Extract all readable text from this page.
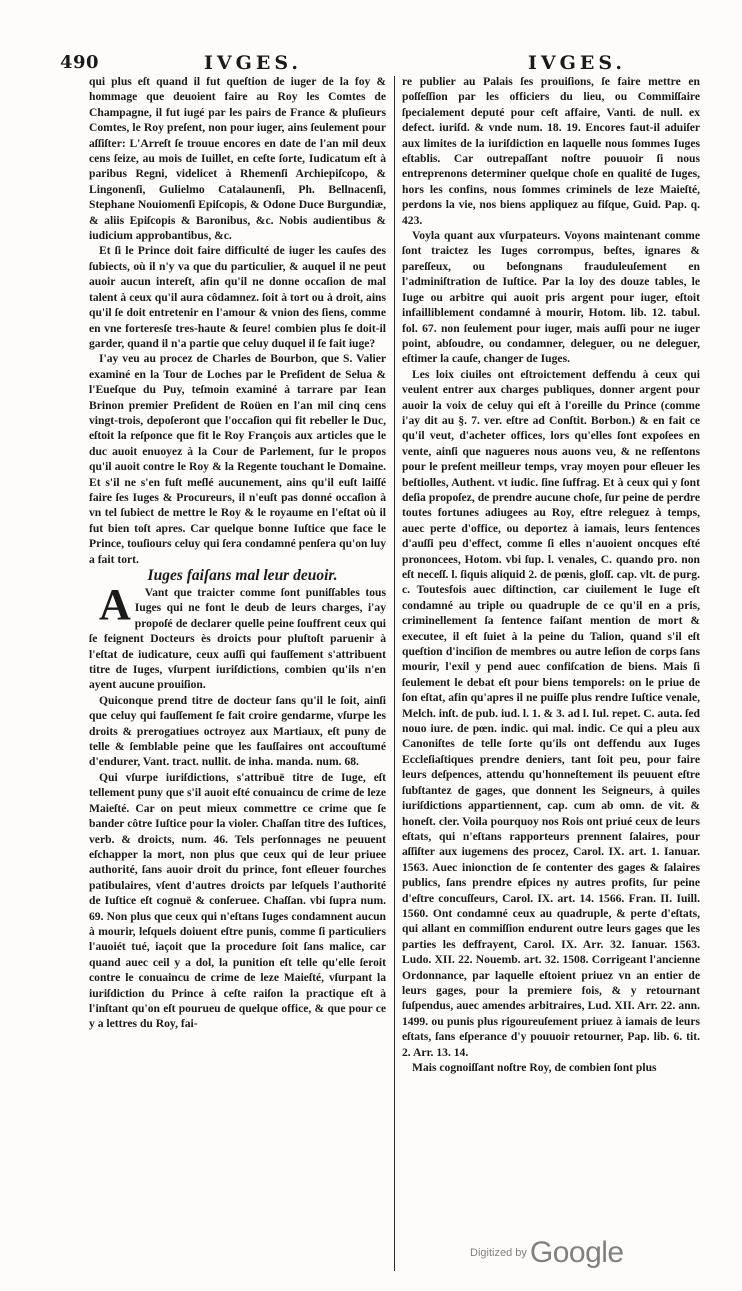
490	IVGES.	IVGES.

qui plus eſt quand il fut queſtion de iuger de la foy & hommage que deuoient faire au Roy les Comtes de Champagne, il fut iugé par les pairs de France & pluſieurs Comtes, le Roy preſent, non pour iuger, ains ſeulement pour aſſiſter: L'Arreſt ſe trouue encores en date de l'an mil deux cens ſeize, au mois de Iuillet, en ceſte ſorte, Iudicatum eſt à paribus Regni, videlicet à Rhemenſi Archiepiſcopo, & Lingonenſi, Gulielmo Catalaunenſi, Ph. Bellnacenſi, Stephane Nouiomenſi Epiſcopis, & Odone Duce Burgundiæ, & aliis Epiſcopis & Baronibus, &c. Nobis audientibus & iudicium approbantibus, &c.

Et ſi le Prince doit faire difficulté de iuger les cauſes des ſubiects, où il n'y va que du particulier, & auquel il ne peut auoir aucun intereſt, afin qu'il ne donne occaſion de mal talent à ceux qu'il aura côdamnez. ſoit à tort ou à droit, ains qu'il ſe doit entretenir en l'amour & vnion des ſiens, comme en vne forteresſe tres-haute & ſeure! combien plus ſe doit-il garder, quand il n'a partie que celuy duquel il ſe fait iuge?

I'ay veu au procez de Charles de Bourbon, que S. Valier examiné en la Tour de Loches par le Preſident de Selua & l'Eueſque du Puy, teſmoin examiné à tarrare par Iean Brinon premier Preſident de Roüen en l'an mil cinq cens vingt-trois, depoſeront que l'occaſion qui fit rebeller le Duc, eſtoit la reſponce que fit le Roy François aux articles que le duc auoit enuoyez à la Cour de Parlement, ſur le propos qu'il auoit contre le Roy & la Regente touchant le Domaine. Et s'il ne s'en fuſt meſlé aucunement, ains qu'il euſt laiſſé faire ſes Iuges & Procureurs, il n'euſt pas donné occaſion à vn tel ſubiect de mettre le Roy & le royaume en l'eſtat où il fut bien toſt apres. Car quelque bonne Iuſtice que face le Prince, touſiours celuy qui ſera condamné penſera qu'on luy a fait tort.

Iuges faiſans mal leur deuoir.

A Vant que traicter comme ſont puniſſables tous Iuges qui ne font le deub de leurs charges, i'ay propoſé de declarer quelle peine ſouffrent ceux qui ſe feignent Docteurs ès droicts pour pluſtoſt paruenir à l'eſtat de iudicature, ceux auſſi qui fauſſement s'attribuent titre de Iuges, vſurpent iuriſdictions, combien qu'ils n'en ayent aucune prouiſion.

Quiconque prend titre de docteur ſans qu'il le ſoit, ainſi que celuy qui fauſſement ſe fait croire gendarme, vſurpe les droits & prerogatiues octroyez aux Martiaux, eſt puny de telle & ſemblable peine que les fauſſaires ont accouſtumé d'endurer, Vant. tract. nullit. de inha. manda. num. 68.

Qui vſurpe iuriſdictions, s'attribuë titre de Iuge, eſt tellement puny que s'il auoit eſté conuaincu de crime de leze Maieſté. Car on peut mieux commettre ce crime que ſe bander côtre Iuſtice pour la violer. Chaſſan titre des Iuſtices, verb. & droicts, num. 46. Tels perſonnages ne peuuent eſchapper la mort, non plus que ceux qui de leur priuee authorité, ſans auoir droit du prince, font eſleuer fourches patibulaires, vſent d'autres droicts par leſquels l'authorité de Iuſtice eſt cognuë & conſeruee. Chaſſan. vbi ſupra num. 69. Non plus que ceux qui n'eſtans Iuges condamnent aucun à mourir, leſquels doiuent eſtre punis, comme ſi particuliers l'auoiét tué, iaçoit que la procedure ſoit ſans malice, car quand auec ceil y a dol, la punition eſt telle qu'elle ſeroit contre le conuaincu de crime de leze Maieſté, vſurpant la iuriſdiction du Prince à ceſte raiſon la practique eſt à l'inſtant qu'on eſt pourueu de quelque office, & que pour ce y a lettres du Roy, fai-

re publier au Palais ſes prouiſions, ſe faire mettre en poſſeſſion par les officiers du lieu, ou Commiſſaire ſpecialement deputé pour ceſt affaire, Vanti. de null. ex defect. iuriſd. & vnde num. 18. 19. Encores faut-il aduiſer aux limites de la iuriſdiction en laquelle nous ſommes Iuges eſtablis. Car outrepaſſant noſtre pouuoir ſi nous entreprenons determiner quelque choſe en qualité de Iuges, hors les confins, nous ſommes criminels de leze Maieſté, perdons la vie, nos biens appliquez au fiſque, Guid. Pap. q. 423.

Voyla quant aux vſurpateurs. Voyons maintenant comme ſont traictez les Iuges corrompus, beſtes, ignares & pareſſeux, ou beſongnans frauduleuſement en l'adminiſtration de Iuſtice. Par la loy des douze tables, le Iuge ou arbitre qui auoit pris argent pour iuger, eſtoit infailliblement condamné à mourir, Hotom. lib. 12. tabul. fol. 67. non ſeulement pour iuger, mais auſſi pour ne iuger point, abſoudre, ou condamner, deleguer, ou ne deleguer, eſtimer la cauſe, changer de Iuges.

Les loix ciuiles ont eſtroictement deffendu à ceux qui veulent entrer aux charges publiques, donner argent pour auoir la voix de celuy qui eſt à l'oreille du Prince (comme i'ay dit au §. 7. ver. eſtre ad Conſtit. Borbon.) & en fait ce qu'il veut, d'acheter offices, lors qu'elles ſont expoſees en vente, ainſi que nagueres nous auons veu, & ne reſſentons pour le preſent meilleur temps, vray moyen pour eſleuer les beſtiolles, Authent. vt iudic. ſine ſuffrag. Et à ceux qui y ſont deſia propoſez, de prendre aucune choſe, ſur peine de perdre toutes fortunes adiugees au Roy, eſtre releguez à temps, auec perte d'office, ou deportez à iamais, leurs ſentences d'auſſi peu d'effect, comme ſi elles n'auoient oncques eſté prononcees, Hotom. vbi ſup. l. venales, C. quando pro. non eſt neceſſ. l. ſiquis aliquid 2. de pœnis, gloſſ. cap. vlt. de purg. c. Toutesfois auec diſtinction, car ciuilement le Iuge eſt condamné au triple ou quadruple de ce qu'il en a pris, criminellement ſa ſentence faiſant mention de mort & executee, il eſt ſuiet à la peine du Talion, quand s'il eſt queſtion d'inciſion de membres ou autre leſion de corps ſans mourir, l'exil y pend auec confiſcation de biens. Mais ſi ſeulement le debat eſt pour biens temporels: on le priue de ſon eſtat, afin qu'apres il ne puiſſe plus rendre Iuſtice venale, Melch. inſt. de pub. iud. l. 1. & 3. ad l. Iul. repet. C. auta. ſed nouo iure. de pœn. indic. qui mal. indic. Ce qui a pleu aux Canoniſtes de telle ſorte qu'ils ont deffendu aux Iuges Eccleſiaſtiques prendre deniers, tant ſoit peu, pour faire leurs deſpences, attendu qu'honneſtement ils peuuent eſtre ſubſtantez de gages, que donnent les Seigneurs, à quiles iuriſdictions appartiennent, cap. cum ab omn. de vit. & honeſt. cler. Voila pourquoy nos Rois ont priué ceux de leurs eſtats, qui n'eſtans rapporteurs prennent ſalaires, pour aſſiſter aux iugemens des procez, Carol. IX. art. 1. Ianuar. 1563. Auec inionction de ſe contenter des gages & ſalaires publics, ſans prendre eſpices ny autres profits, ſur peine d'eſtre concuſſeurs, Carol. IX. art. 14. 1566. Fran. II. Iuill. 1560. Ont condamné ceux au quadruple, & perte d'eſtats, qui allant en commiſſion endurent outre leurs gages que les parties les deffrayent, Carol. IX. Arr. 32. Ianuar. 1563. Ludo. XII. 22. Nouemb. art. 32. 1508. Corrigeant l'ancienne Ordonnance, par laquelle eſtoient priuez vn an entier de leurs gages, pour la premiere fois, & y retournant ſuſpendus, auec amendes arbitraires, Lud. XII. Arr. 22. ann. 1499. ou punis plus rigoureuſement priuez à iamais de leurs eſtats, ſans eſperance d'y pouuoir retourner, Pap. lib. 6. tit. 2. Arr. 13. 14.

Mais cognoiſſant noſtre Roy, de combien ſont plus

$^{Digitized by}$ Google
